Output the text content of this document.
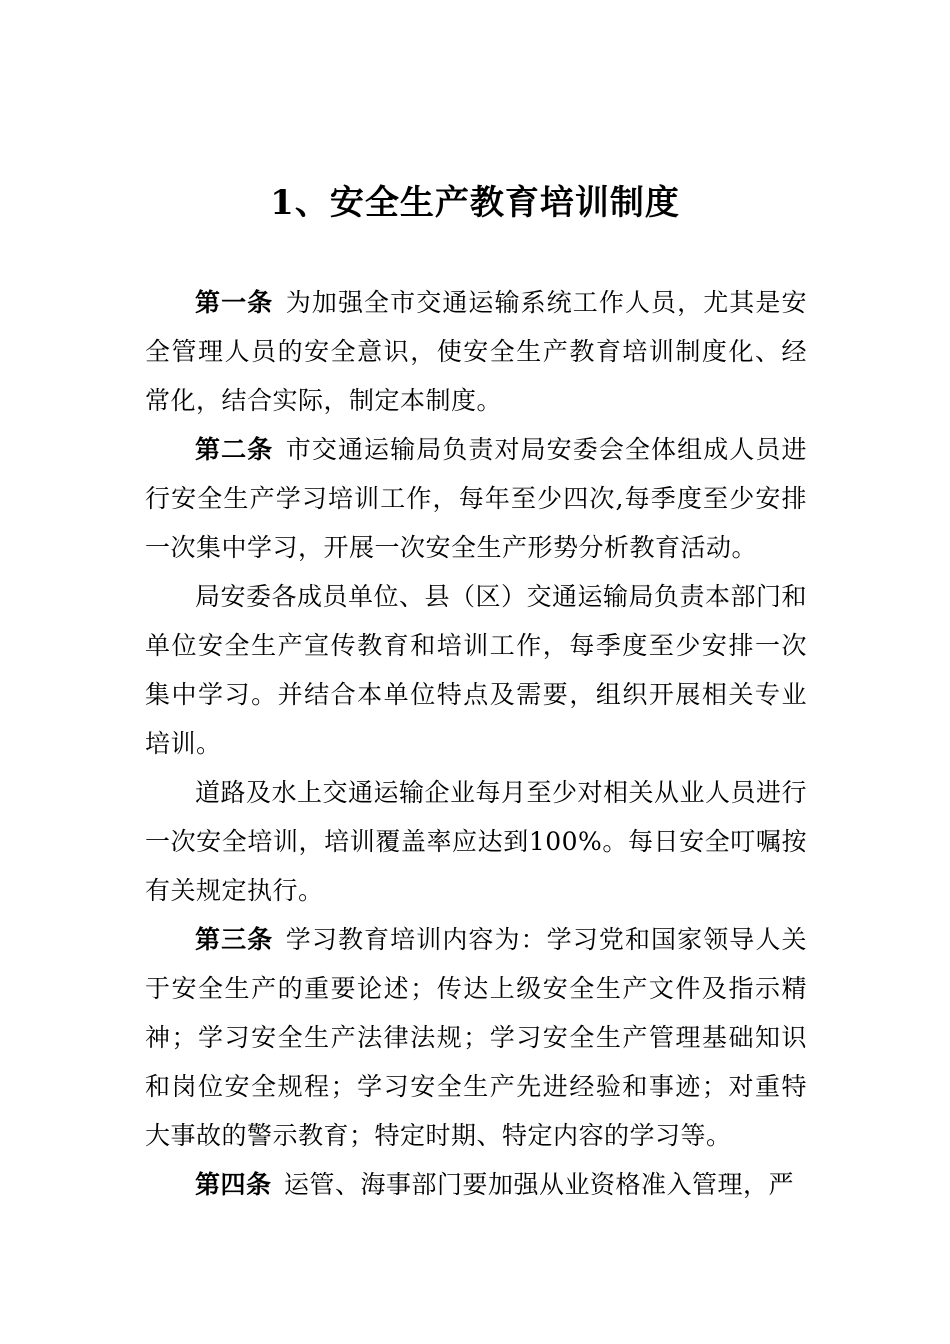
1、安全生产教育培训制度

第一条 为加强全市交通运输系统工作人员，尤其是安全管理人员的安全意识，使安全生产教育培训制度化、经常化，结合实际，制定本制度。

第二条 市交通运输局负责对局安委会全体组成人员进行安全生产学习培训工作，每年至少四次,每季度至少安排一次集中学习，开展一次安全生产形势分析教育活动。

局安委各成员单位、县（区）交通运输局负责本部门和单位安全生产宣传教育和培训工作，每季度至少安排一次集中学习。并结合本单位特点及需要，组织开展相关专业培训。

道路及水上交通运输企业每月至少对相关从业人员进行一次安全培训，培训覆盖率应达到100%。每日安全叮嘱按有关规定执行。

第三条 学习教育培训内容为：学习党和国家领导人关于安全生产的重要论述；传达上级安全生产文件及指示精神；学习安全生产法律法规；学习安全生产管理基础知识和岗位安全规程；学习安全生产先进经验和事迹；对重特大事故的警示教育；特定时期、特定内容的学习等。

第四条 运管、海事部门要加强从业资格准入管理，严
